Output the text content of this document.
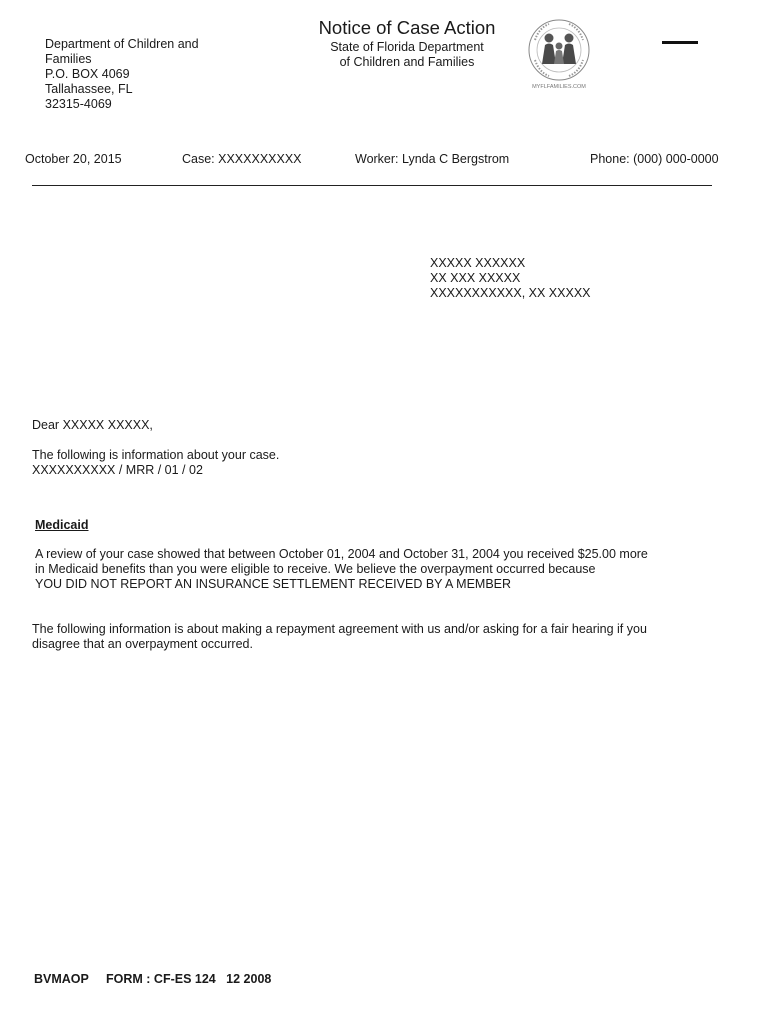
Department of Children and
Families
P.O. BOX 4069
Tallahassee, FL
32315-4069
Notice of Case Action
State of Florida Department
of Children and Families
MYFLFAMILIES.COM
October 20, 2015	Case: XXXXXXXXXX	Worker: Lynda C Bergstrom	Phone: (000) 000-0000
XXXXX XXXXXX
XX XXX XXXXX
XXXXXXXXXXX, XX XXXXX
Dear XXXXX XXXXX,
The following is information about your case.
XXXXXXXXXX / MRR / 01 / 02
Medicaid
A review of your case showed that between October 01, 2004 and October 31, 2004 you received $25.00 more
in Medicaid benefits than you were eligible to receive. We believe the overpayment occurred because
YOU DID NOT REPORT AN INSURANCE SETTLEMENT RECEIVED BY A MEMBER
The following information is about making a repayment agreement with us and/or asking for a fair hearing if you
disagree that an overpayment occurred.
BVMAOP FORM : CF-ES 124   12 2008
